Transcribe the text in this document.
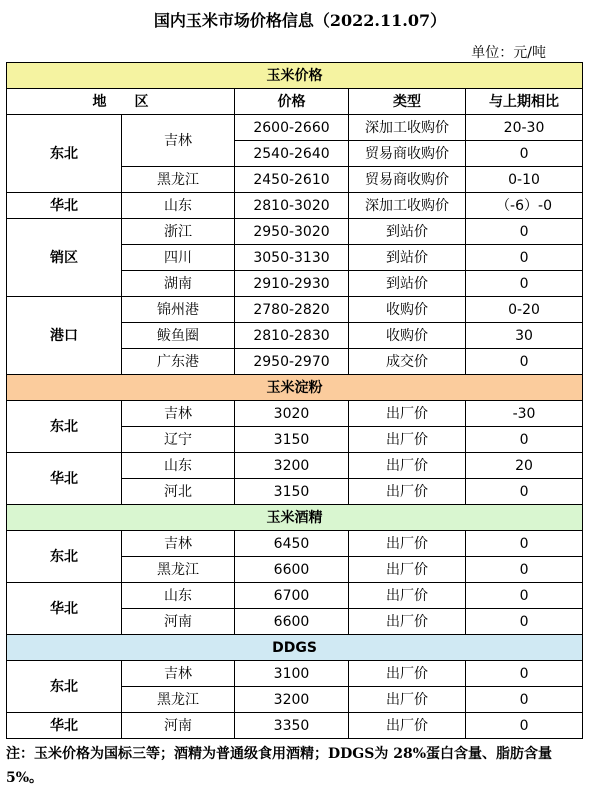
国内玉米市场价格信息（2022.11.07）
单位：元/吨
玉米价格				
地　　区		价格	类型	与上期相比
东北	吉林	2600-2660	深加工收购价	20-30
		2540-2640	贸易商收购价	0
	黑龙江	2450-2610	贸易商收购价	0-10
华北	山东	2810-3020	深加工收购价	（-6）-0
销区	浙江	2950-3020	到站价	0
	四川	3050-3130	到站价	0
	湖南	2910-2930	到站价	0
港口	锦州港	2780-2820	收购价	0-20
	鲅鱼圈	2810-2830	收购价	30
	广东港	2950-2970	成交价	0
玉米淀粉				
东北	吉林	3020	出厂价	-30
	辽宁	3150	出厂价	0
华北	山东	3200	出厂价	20
	河北	3150	出厂价	0
玉米酒精				
东北	吉林	6450	出厂价	0
	黑龙江	6600	出厂价	0
华北	山东	6700	出厂价	0
	河南	6600	出厂价	0
DDGS				
东北	吉林	3100	出厂价	0
	黑龙江	3200	出厂价	0
华北	河南	3350	出厂价	0
注：玉米价格为国标三等；酒精为普通级食用酒精；DDGS为 28%蛋白含量、脂肪含量 5%。
